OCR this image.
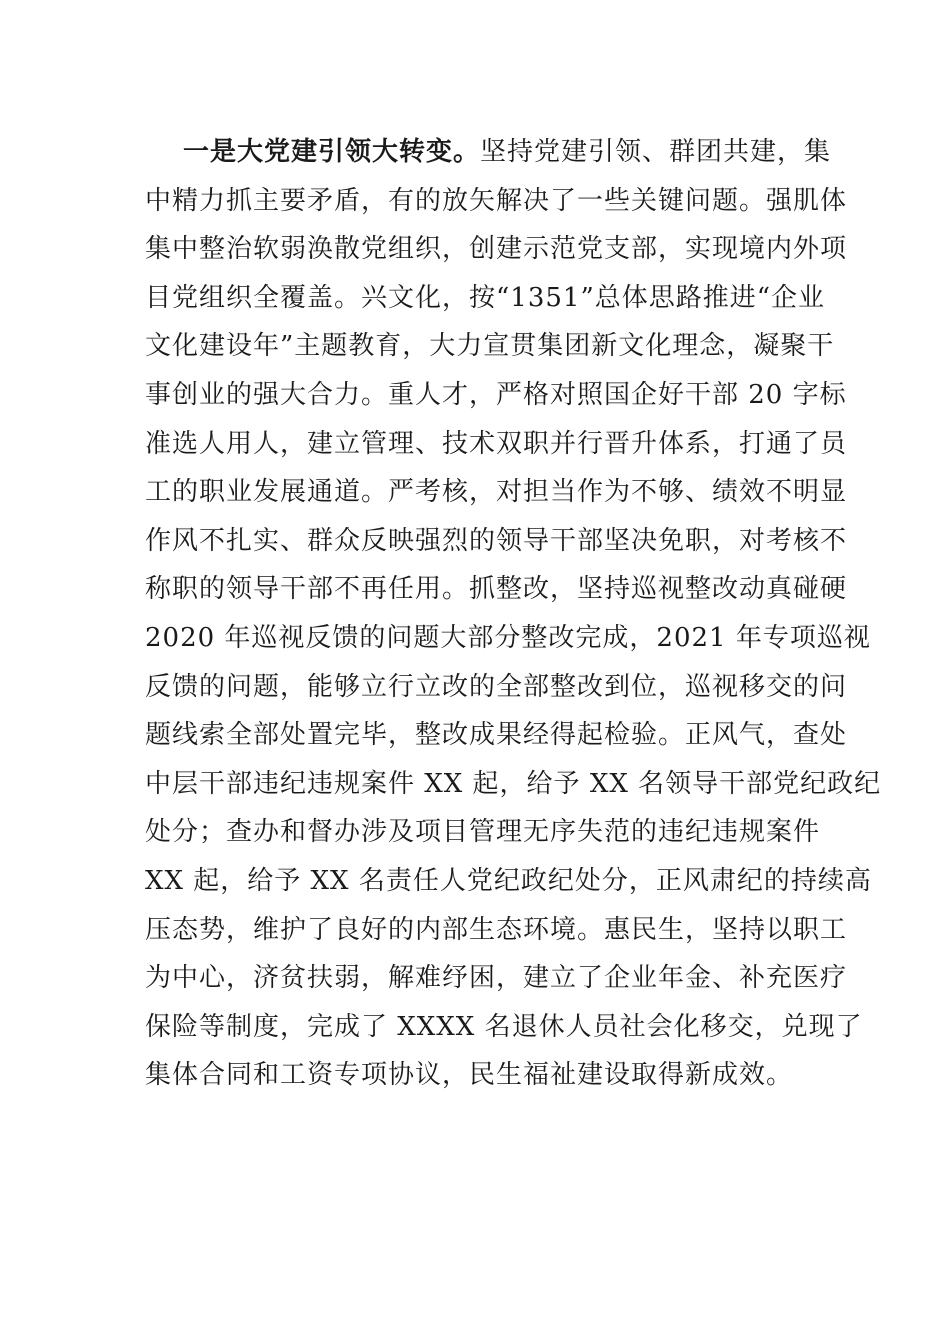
一是大党建引领大转变。坚持党建引领、群团共建，集
中精力抓主要矛盾，有的放矢解决了一些关键问题。强肌体
集中整治软弱涣散党组织，创建示范党支部，实现境内外项
目党组织全覆盖。兴文化，按“1351”总体思路推进“企业
文化建设年”主题教育，大力宣贯集团新文化理念，凝聚干
事创业的强大合力。重人才，严格对照国企好干部 20 字标
准选人用人，建立管理、技术双职并行晋升体系，打通了员
工的职业发展通道。严考核，对担当作为不够、绩效不明显
作风不扎实、群众反映强烈的领导干部坚决免职，对考核不
称职的领导干部不再任用。抓整改，坚持巡视整改动真碰硬
2020 年巡视反馈的问题大部分整改完成，2021 年专项巡视
反馈的问题，能够立行立改的全部整改到位，巡视移交的问
题线索全部处置完毕，整改成果经得起检验。正风气，查处
中层干部违纪违规案件 XX 起，给予 XX 名领导干部党纪政纪
处分；查办和督办涉及项目管理无序失范的违纪违规案件
XX 起，给予 XX 名责任人党纪政纪处分，正风肃纪的持续高
压态势，维护了良好的内部生态环境。惠民生，坚持以职工
为中心，济贫扶弱，解难纾困，建立了企业年金、补充医疗
保险等制度，完成了 XXXX 名退休人员社会化移交，兑现了
集体合同和工资专项协议，民生福祉建设取得新成效。
